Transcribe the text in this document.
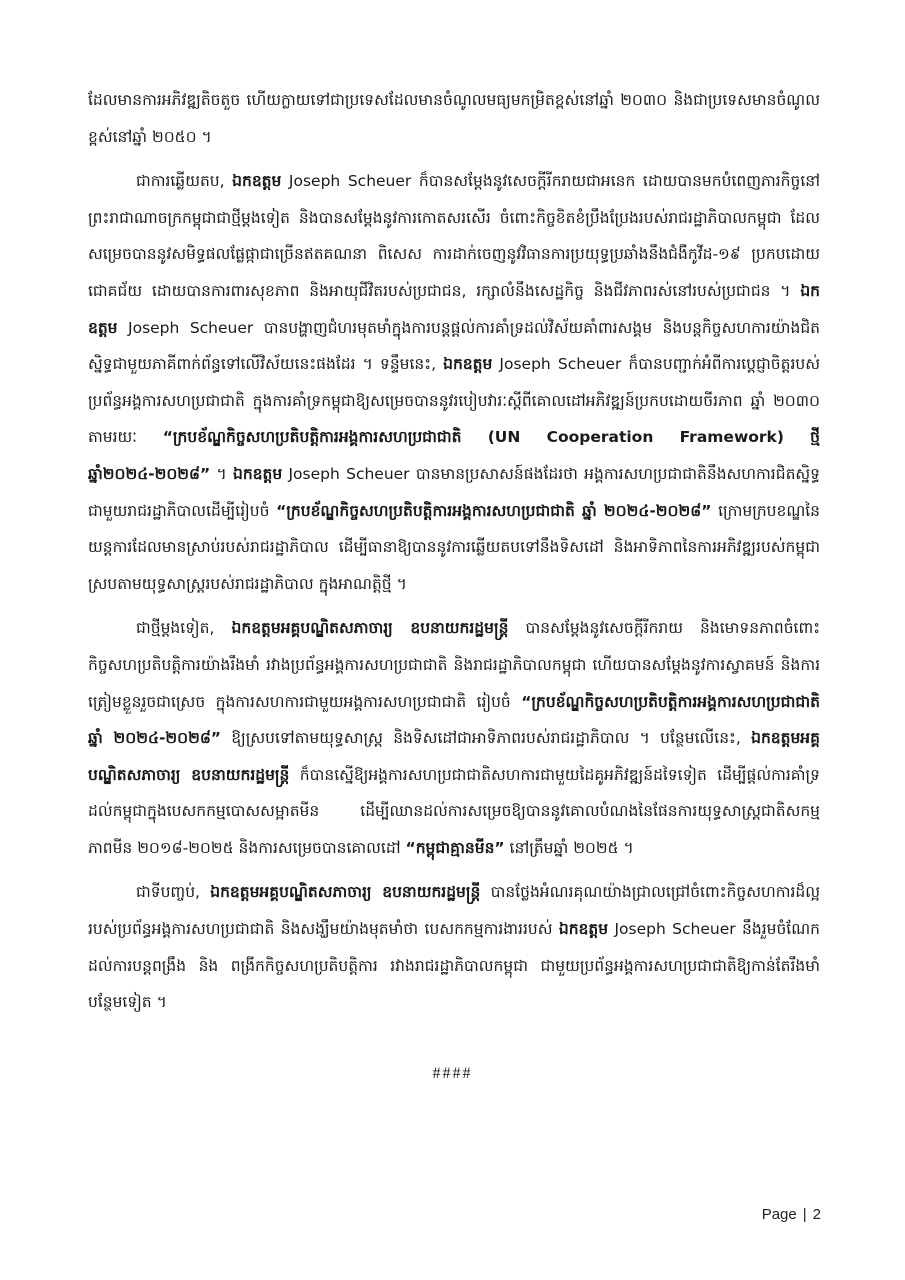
ដែលមានការអភិវឌ្ឍតិចតួច ហើយក្លាយទៅជាប្រទេសដែលមានចំណូលមធ្យមកម្រិតខ្ពស់នៅឆ្នាំ ២០៣០ និងជាប្រទេសមានចំណូលខ្ពស់នៅឆ្នាំ ២០៥០ ។

ជាការឆ្លើយតប, ឯកឧត្តម Joseph Scheuer ក៏បានសម្តែងនូវសេចក្តីរីករាយជាអនេក ដោយបានមកបំពេញភារកិច្ចនៅព្រះរាជាណាចក្រកម្ពុជាជាថ្មីម្តងទៀត និងបានសម្តែងនូវការកោតសរសើរ ចំពោះកិច្ចខិតខំប្រឹងប្រែងរបស់រាជរដ្ឋាភិបាលកម្ពុជា ដែលសម្រេចបាននូវសមិទ្ធផលផ្លែផ្កាជាច្រើនឥតគណនា ពិសេស ការដាក់ចេញនូវវិធានការប្រយុទ្ធប្រឆាំងនឹងជំងឺកូវីដ-១៩ ប្រកបដោយជោគជ័យ ដោយបានការពារសុខភាព និងអាយុជីវិតរបស់ប្រជាជន, រក្សាលំនឹងសេដ្ឋកិច្ច និងជីវភាពរស់នៅរបស់ប្រជាជន ។ ឯកឧត្តម Joseph Scheuer បានបង្ហាញជំហរមុតមាំក្នុងការបន្តផ្តល់ការគាំទ្រដល់វិស័យគាំពារសង្គម និងបន្តកិច្ចសហការយ៉ាងជិតស្និទ្ធជាមួយភាគីពាក់ព័ន្ធទៅលើវិស័យនេះផងដែរ ។ ទន្ទឹមនេះ, ឯកឧត្តម Joseph Scheuer ក៏បានបញ្ជាក់អំពីការប្តេជ្ញាចិត្តរបស់ប្រព័ន្ធអង្គការសហប្រជាជាតិ ក្នុងការគាំទ្រកម្ពុជាឱ្យសម្រេចបាននូវរបៀបវារៈស្តីពីគោលដៅអភិវឌ្ឍន៍ប្រកបដោយចីរភាព ឆ្នាំ ២០៣០ តាមរយៈ “ក្របខ័ណ្ឌកិច្ចសហប្រតិបត្តិការអង្គការសហប្រជាជាតិ (UN Cooperation Framework) ថ្មី ឆ្នាំ២០២៤-២០២៨” ។ ឯកឧត្តម Joseph Scheuer បានមានប្រសាសន៍ផងដែរថា អង្គការសហប្រជាជាតិនឹងសហការជិតស្និទ្ធជាមួយរាជរដ្ឋាភិបាលដើម្បីរៀបចំ “ក្របខ័ណ្ឌកិច្ចសហប្រតិបត្តិការអង្គការសហប្រជាជាតិ ឆ្នាំ ២០២៤-២០២៨” ក្រោមក្របខណ្ឌនៃយន្តការដែលមានស្រាប់របស់រាជរដ្ឋាភិបាល ដើម្បីធានាឱ្យបាននូវការឆ្លើយតបទៅនឹងទិសដៅ និងអាទិភាពនៃការអភិវឌ្ឍរបស់កម្ពុជា ស្របតាមយុទ្ធសាស្ត្ររបស់រាជរដ្ឋាភិបាល ក្នុងអាណត្តិថ្មី ។

ជាថ្មីម្តងទៀត, ឯកឧត្តមអគ្គបណ្ឌិតសភាចារ្យ ឧបនាយករដ្ឋមន្ត្រី បានសម្តែងនូវសេចក្តីរីករាយ និងមោទនភាពចំពោះកិច្ចសហប្រតិបត្តិការយ៉ាងរឹងមាំ រវាងប្រព័ន្ធអង្គការសហប្រជាជាតិ និងរាជរដ្ឋាភិបាលកម្ពុជា ហើយបានសម្តែងនូវការស្វាគមន៍ និងការត្រៀមខ្លួនរួចជាស្រេច ក្នុងការសហការជាមួយអង្គការសហប្រជាជាតិ រៀបចំ “ក្របខ័ណ្ឌកិច្ចសហប្រតិបត្តិការអង្គការសហប្រជាជាតិ ឆ្នាំ ២០២៤-២០២៨” ឱ្យស្របទៅតាមយុទ្ធសាស្ត្រ និងទិសដៅជាអាទិភាពរបស់រាជរដ្ឋាភិបាល ។ បន្ថែមលើនេះ, ឯកឧត្តមអគ្គបណ្ឌិតសភាចារ្យ ឧបនាយករដ្ឋមន្ត្រី ក៏បានស្នើឱ្យអង្គការសហប្រជាជាតិសហការជាមួយដៃគូអភិវឌ្ឍន៍ដទៃទៀត ដើម្បីផ្តល់ការគាំទ្រដល់កម្ពុជាក្នុងបេសកកម្មបោសសម្អាតមីន ដើម្បីឈានដល់ការសម្រេចឱ្យបាននូវគោលបំណងនៃផែនការយុទ្ធសាស្ត្រជាតិសកម្មភាពមីន ២០១៨-២០២៥ និងការសម្រេចបានគោលដៅ “កម្ពុជាគ្មានមីន” នៅត្រឹមឆ្នាំ ២០២៥ ។

ជាទីបញ្ចប់, ឯកឧត្តមអគ្គបណ្ឌិតសភាចារ្យ ឧបនាយករដ្ឋមន្ត្រី បានថ្លែងអំណរគុណយ៉ាងជ្រាលជ្រៅចំពោះកិច្ចសហការដ៏ល្អរបស់ប្រព័ន្ធអង្គការសហប្រជាជាតិ និងសង្ឃឹមយ៉ាងមុតមាំថា បេសកកម្មការងាររបស់ ឯកឧត្តម Joseph Scheuer នឹងរួមចំណែកដល់ការបន្តពង្រឹង និង ពង្រីកកិច្ចសហប្រតិបត្តិការ រវាងរាជរដ្ឋាភិបាលកម្ពុជា ជាមួយប្រព័ន្ធអង្គការសហប្រជាជាតិឱ្យកាន់តែរឹងមាំបន្ថែមទៀត ។

####
Page | 2
